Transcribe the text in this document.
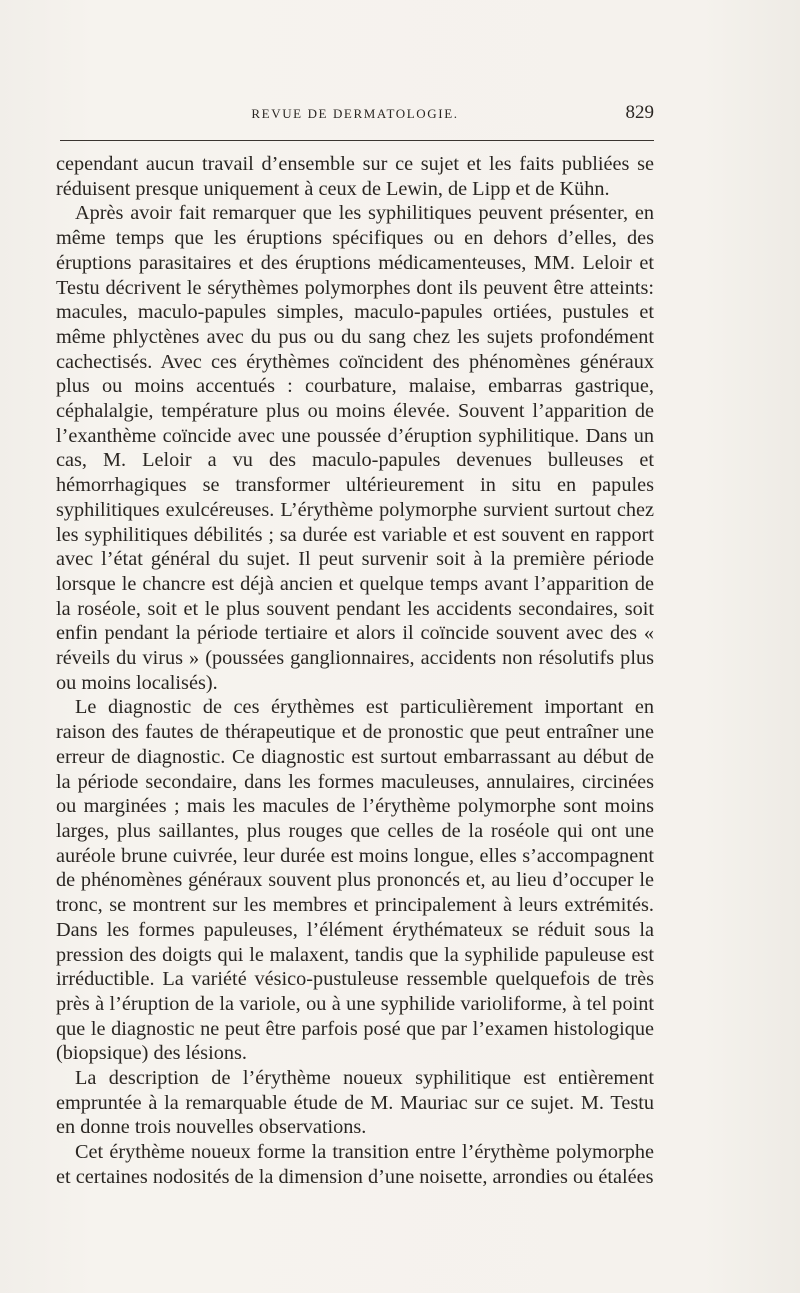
REVUE DE DERMATOLOGIE.	829

cependant aucun travail d’ensemble sur ce sujet et les faits publiées se réduisent presque uniquement à ceux de Lewin, de Lipp et de Kühn.

Après avoir fait remarquer que les syphilitiques peuvent présenter, en même temps que les éruptions spécifiques ou en dehors d’elles, des éruptions parasitaires et des éruptions médicamenteuses, MM. Leloir et Testu décrivent le sérythèmes polymorphes dont ils peuvent être atteints: macules, maculo-papules simples, maculo-papules ortiées, pustules et même phlyctènes avec du pus ou du sang chez les sujets profondément cachectisés. Avec ces érythèmes coïncident des phénomènes généraux plus ou moins accentués : courbature, malaise, embarras gastrique, céphalalgie, température plus ou moins élevée. Souvent l’apparition de l’exanthème coïncide avec une poussée d’éruption syphilitique. Dans un cas, M. Leloir a vu des maculo-papules devenues bulleuses et hémorrhagiques se transformer ultérieurement in situ en papules syphilitiques exulcéreuses. L’érythème polymorphe survient surtout chez les syphilitiques débilités ; sa durée est variable et est souvent en rapport avec l’état général du sujet. Il peut survenir soit à la première période lorsque le chancre est déjà ancien et quelque temps avant l’apparition de la roséole, soit et le plus souvent pendant les accidents secondaires, soit enfin pendant la période tertiaire et alors il coïncide souvent avec des « réveils du virus » (poussées ganglionnaires, accidents non résolutifs plus ou moins localisés).

Le diagnostic de ces érythèmes est particulièrement important en raison des fautes de thérapeutique et de pronostic que peut entraîner une erreur de diagnostic. Ce diagnostic est surtout embarrassant au début de la période secondaire, dans les formes maculeuses, annulaires, circinées ou marginées ; mais les macules de l’érythème polymorphe sont moins larges, plus saillantes, plus rouges que celles de la roséole qui ont une auréole brune cuivrée, leur durée est moins longue, elles s’accompagnent de phénomènes généraux souvent plus prononcés et, au lieu d’occuper le tronc, se montrent sur les membres et principalement à leurs extrémités. Dans les formes papuleuses, l’élément érythémateux se réduit sous la pression des doigts qui le malaxent, tandis que la syphilide papuleuse est irréductible. La variété vésico-pustuleuse ressemble quelquefois de très près à l’éruption de la variole, ou à une syphilide varioliforme, à tel point que le diagnostic ne peut être parfois posé que par l’examen histologique (biopsique) des lésions.

La description de l’érythème noueux syphilitique est entièrement empruntée à la remarquable étude de M. Mauriac sur ce sujet. M. Testu en donne trois nouvelles observations.

Cet érythème noueux forme la transition entre l’érythème polymorphe et certaines nodosités de la dimension d’une noisette, arrondies ou étalées
